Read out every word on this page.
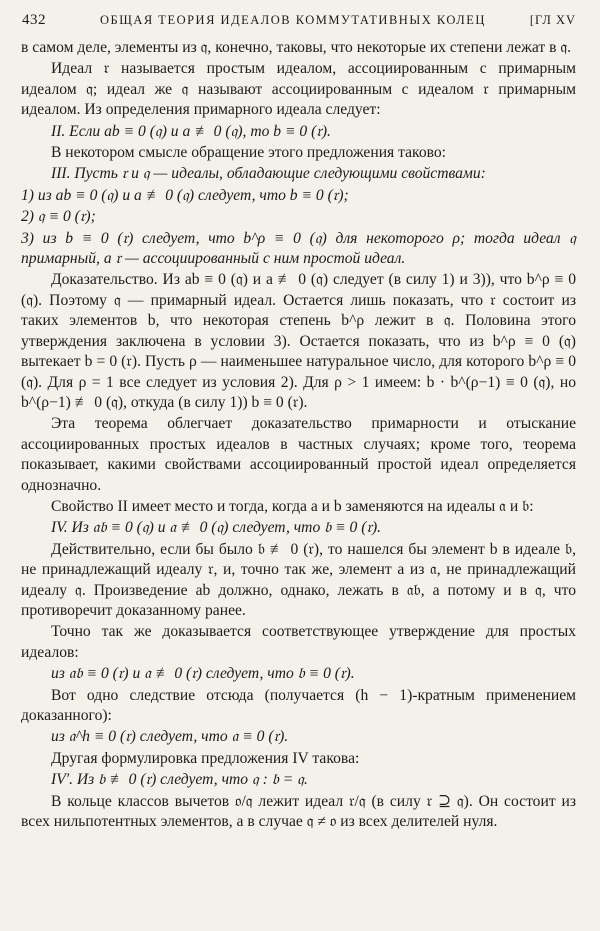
432	ОБЩАЯ ТЕОРИЯ ИДЕАЛОВ КОММУТАТИВНЫХ КОЛЕЦ	[ГЛ XV

в самом деле, элементы из 𝔮, конечно, таковы, что некоторые их степени лежат в 𝔮.

Идеал 𝔯 называется простым идеалом, ассоциированным с примарным идеалом 𝔮; идеал же 𝔮 называют ассоциированным с идеалом 𝔯 примарным идеалом. Из определения примарного идеала следует:

II. Если ab ≡ 0 (𝔮) и a ≢ 0 (𝔮), то b ≡ 0 (𝔯).

В некотором смысле обращение этого предложения таково:

III. Пусть 𝔯 и 𝔮 — идеалы, обладающие следующими свойствами:

1) из ab ≡ 0 (𝔮) и a ≢ 0 (𝔮) следует, что b ≡ 0 (𝔯);

2) 𝔮 ≡ 0 (𝔯);

3) из b ≡ 0 (𝔯) следует, что b^ρ ≡ 0 (𝔮) для некоторого ρ; тогда идеал 𝔮 примарный, а 𝔯 — ассоциированный с ним простой идеал.

Доказательство. Из ab ≡ 0 (𝔮) и a ≢ 0 (𝔮) следует (в силу 1) и 3)), что b^ρ ≡ 0 (𝔮). Поэтому 𝔮 — примарный идеал. Остается лишь показать, что 𝔯 состоит из таких элементов b, что некоторая степень b^ρ лежит в 𝔮. Половина этого утверждения заключена в условии 3). Остается показать, что из b^ρ ≡ 0 (𝔮) вытекает b = 0 (𝔯). Пусть ρ — наименьшее натуральное число, для которого b^ρ ≡ 0 (𝔮). Для ρ = 1 все следует из условия 2). Для ρ > 1 имеем: b · b^(ρ−1) ≡ 0 (𝔮), но b^(ρ−1) ≢ 0 (𝔮), откуда (в силу 1)) b ≡ 0 (𝔯).

Эта теорема облегчает доказательство примарности и отыскание ассоциированных простых идеалов в частных случаях; кроме того, теорема показывает, какими свойствами ассоциированный простой идеал определяется однозначно.

Свойство II имеет место и тогда, когда a и b заменяются на идеалы 𝔞 и 𝔟:

IV. Из 𝔞𝔟 ≡ 0 (𝔮) и 𝔞 ≢ 0 (𝔮) следует, что 𝔟 ≡ 0 (𝔯).

Действительно, если бы было 𝔟 ≢ 0 (𝔯), то нашелся бы элемент b в идеале 𝔟, не принадлежащий идеалу 𝔯, и, точно так же, элемент a из 𝔞, не принадлежащий идеалу 𝔮. Произведение ab должно, однако, лежать в 𝔞𝔟, а потому и в 𝔮, что противоречит доказанному ранее.

Точно так же доказывается соответствующее утверждение для простых идеалов:

из 𝔞𝔟 ≡ 0 (𝔯) и 𝔞 ≢ 0 (𝔯) следует, что 𝔟 ≡ 0 (𝔯).

Вот одно следствие отсюда (получается (h − 1)-кратным применением доказанного):

из 𝔞^h ≡ 0 (𝔯) следует, что 𝔞 ≡ 0 (𝔯).

Другая формулировка предложения IV такова:

IV′. Из 𝔟 ≢ 0 (𝔯) следует, что 𝔮 : 𝔟 = 𝔮.

В кольце классов вычетов 𝔬/𝔮 лежит идеал 𝔯/𝔮 (в силу 𝔯 ⊇ 𝔮). Он состоит из всех нильпотентных элементов, а в случае 𝔮 ≠ 𝔬 из всех делителей нуля.
